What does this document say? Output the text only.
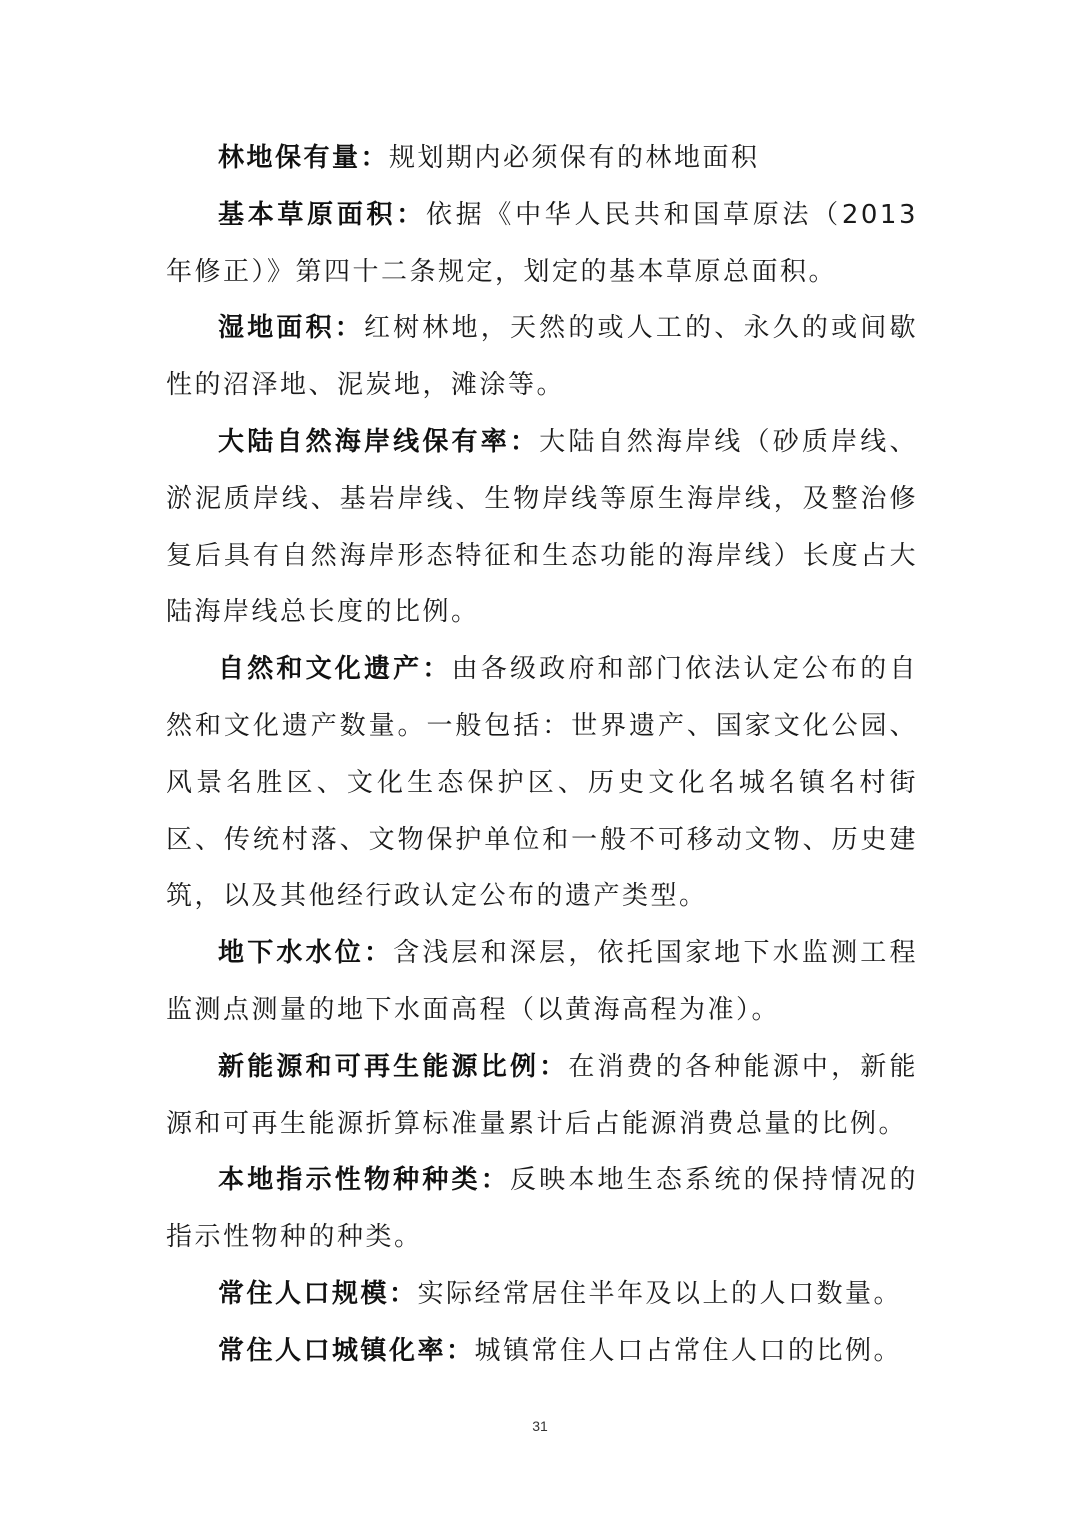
林地保有量：规划期内必须保有的林地面积

基本草原面积：依据《中华人民共和国草原法（2013年修正）》第四十二条规定，划定的基本草原总面积。

湿地面积：红树林地，天然的或人工的、永久的或间歇性的沼泽地、泥炭地，滩涂等。

大陆自然海岸线保有率：大陆自然海岸线（砂质岸线、淤泥质岸线、基岩岸线、生物岸线等原生海岸线，及整治修复后具有自然海岸形态特征和生态功能的海岸线）长度占大陆海岸线总长度的比例。

自然和文化遗产：由各级政府和部门依法认定公布的自然和文化遗产数量。一般包括：世界遗产、国家文化公园、风景名胜区、文化生态保护区、历史文化名城名镇名村街区、传统村落、文物保护单位和一般不可移动文物、历史建筑，以及其他经行政认定公布的遗产类型。

地下水水位：含浅层和深层，依托国家地下水监测工程监测点测量的地下水面高程（以黄海高程为准）。

新能源和可再生能源比例：在消费的各种能源中，新能源和可再生能源折算标准量累计后占能源消费总量的比例。

本地指示性物种种类：反映本地生态系统的保持情况的指示性物种的种类。

常住人口规模：实际经常居住半年及以上的人口数量。

常住人口城镇化率：城镇常住人口占常住人口的比例。

31
